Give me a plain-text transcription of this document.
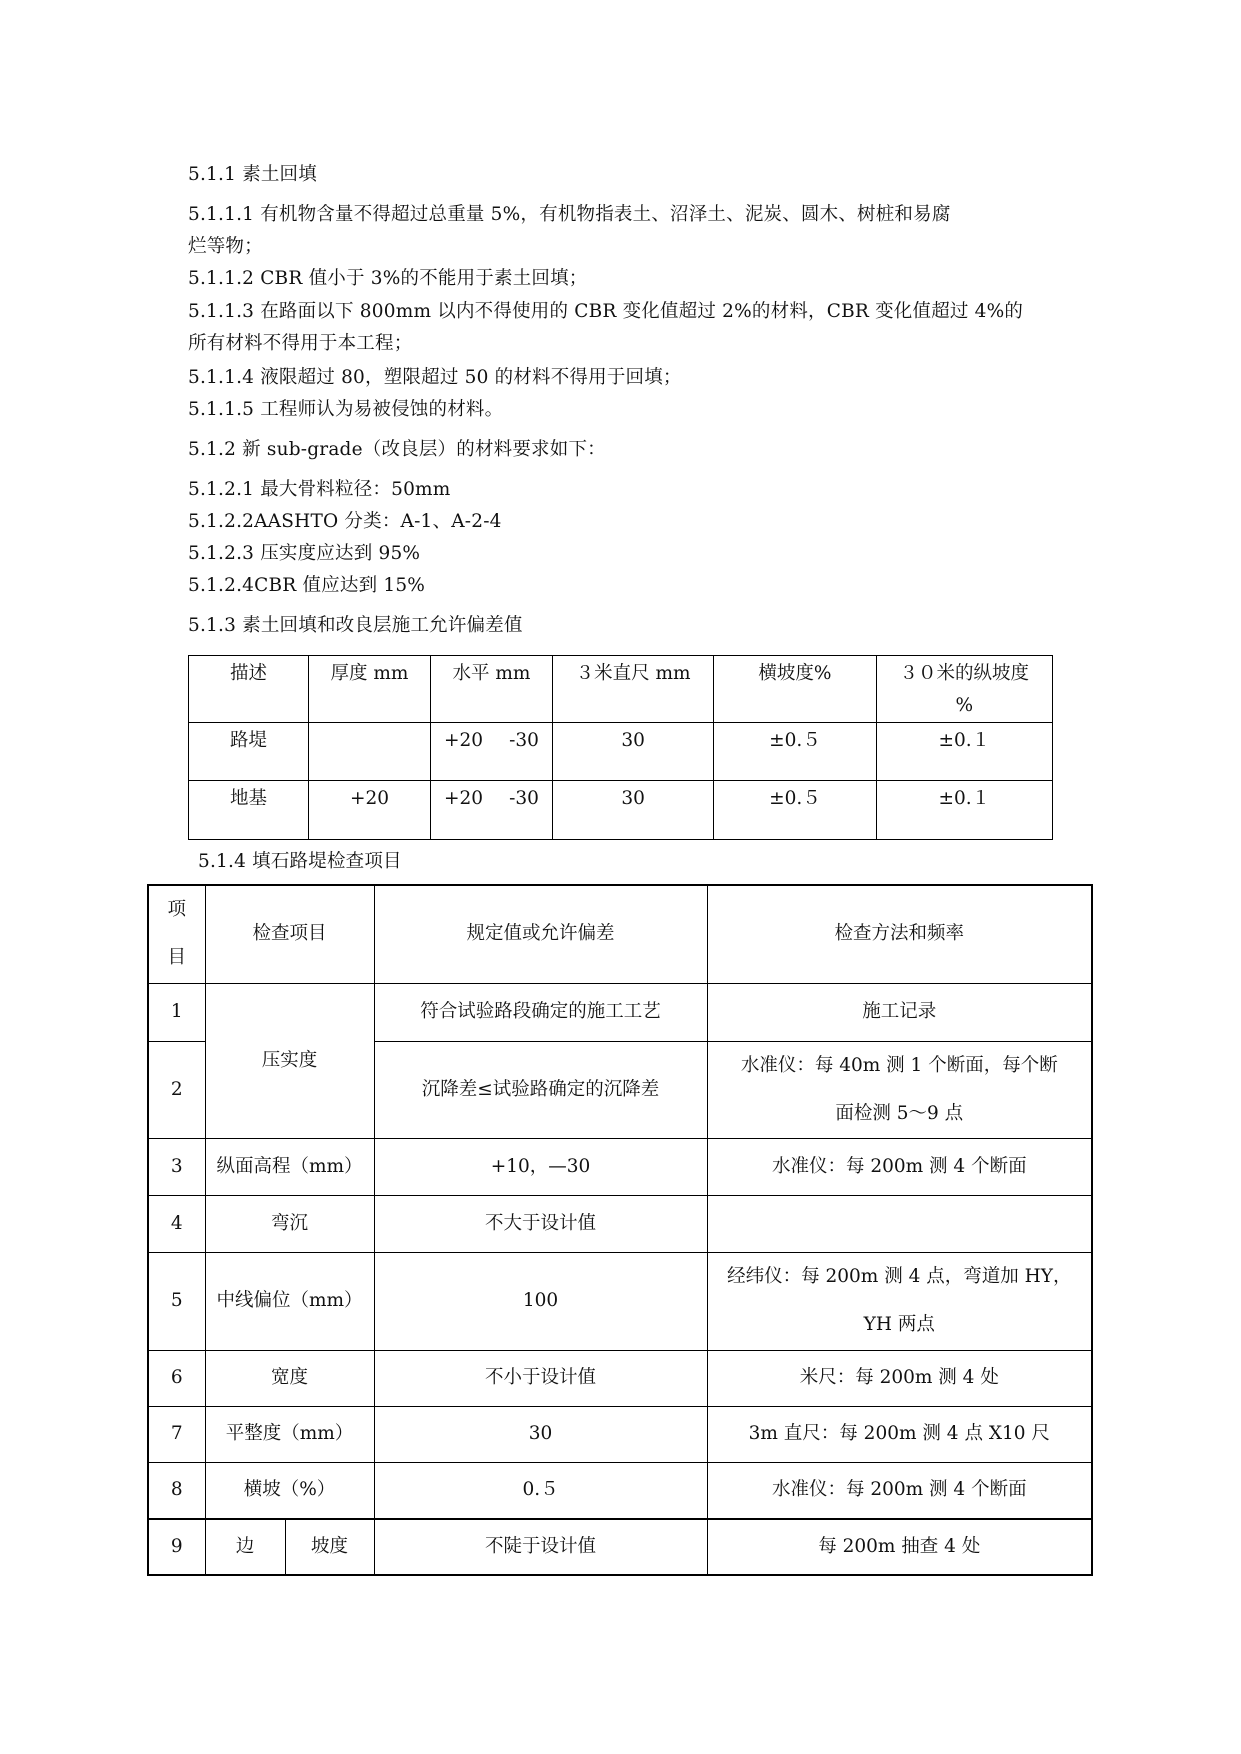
5.1.1 素土回填
5.1.1.1 有机物含量不得超过总重量 5%，有机物指表土、沼泽土、泥炭、圆木、树桩和易腐
烂等物；
5.1.1.2 CBR 值小于 3%的不能用于素土回填；
5.1.1.3 在路面以下 800mm 以内不得使用的 CBR 变化值超过 2%的材料，CBR 变化值超过 4%的
所有材料不得用于本工程；
5.1.1.4 液限超过 80，塑限超过 50 的材料不得用于回填；
5.1.1.5 工程师认为易被侵蚀的材料。
5.1.2 新 sub-grade（改良层）的材料要求如下：
5.1.2.1 最大骨料粒径：50mm
5.1.2.2AASHTO 分类：A-1、A-2-4
5.1.2.3 压实度应达到 95%
5.1.2.4CBR 值应达到 15%
5.1.3 素土回填和改良层施工允许偏差值
描述	厚度 mm	水平 mm	３米直尺 mm	横坡度%	３０米的纵坡度
%

路堤		+20 -30	30	±0.５	±0.１
地基	+20	+20 -30	30	±0.５	±0.１
5.1.4 填石路堤检查项目
项
目	检查项目		规定值或允许偏差	检查方法和频率
1	压实度		符合试验路段确定的施工工艺	施工记录
2			沉降差≤试验路确定的沉降差	水准仪：每 40m 测 1 个断面，每个断
面检测 5～9 点

3	纵面高程（mm）		+10，—30	水准仪：每 200m 测 4 个断面
4	弯沉		不大于设计值	
5	中线偏位（mm）		100	经纬仪：每 200m 测 4 点，弯道加 HY，
YH 两点

6	宽度		不小于设计值	米尺：每 200m 测 4 处
7	平整度（mm）		30	3m 直尺：每 200m 测 4 点 X10 尺
8	横坡（%）		0.５	水准仪：每 200m 测 4 个断面
9	边	坡度	不陡于设计值	每 200m 抽查 4 处
